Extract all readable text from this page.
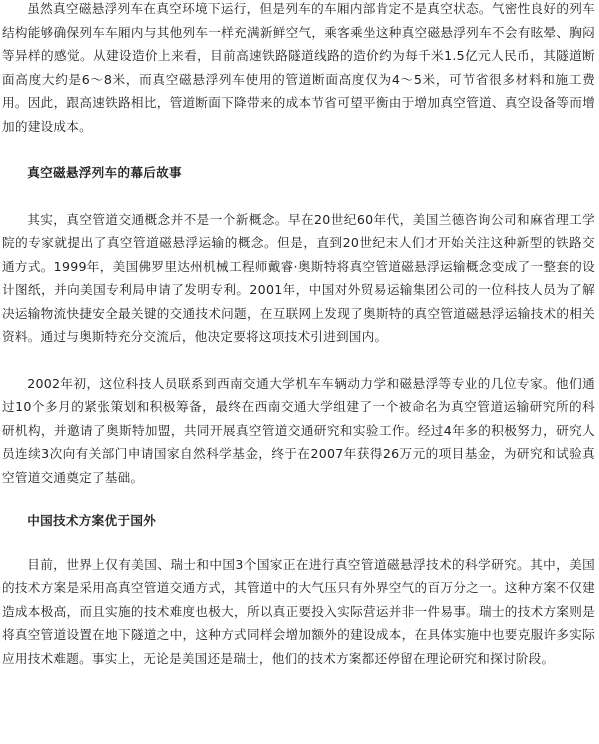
虽然真空磁悬浮列车在真空环境下运行，但是列车的车厢内部肯定不是真空状态。气密性良好的列车结构能够确保列车车厢内与其他列车一样充满新鲜空气，乘客乘坐这种真空磁悬浮列车不会有眩晕、胸闷等异样的感觉。从建设造价上来看，目前高速铁路隧道线路的造价约为每千米1.5亿元人民币，其隧道断面高度大约是6～8米，而真空磁悬浮列车使用的管道断面高度仅为4～5米，可节省很多材料和施工费用。因此，跟高速铁路相比，管道断面下降带来的成本节省可望平衡由于增加真空管道、真空设备等而增加的建设成本。

真空磁悬浮列车的幕后故事

其实，真空管道交通概念并不是一个新概念。早在20世纪60年代，美国兰德咨询公司和麻省理工学院的专家就提出了真空管道磁悬浮运输的概念。但是，直到20世纪末人们才开始关注这种新型的铁路交通方式。1999年，美国佛罗里达州机械工程师戴睿·奥斯特将真空管道磁悬浮运输概念变成了一整套的设计图纸，并向美国专利局申请了发明专利。2001年，中国对外贸易运输集团公司的一位科技人员为了解决运输物流快捷安全最关键的交通技术问题，在互联网上发现了奥斯特的真空管道磁悬浮运输技术的相关资料。通过与奥斯特充分交流后，他决定要将这项技术引进到国内。

2002年初，这位科技人员联系到西南交通大学机车车辆动力学和磁悬浮等专业的几位专家。他们通过10个多月的紧张策划和积极筹备，最终在西南交通大学组建了一个被命名为真空管道运输研究所的科研机构，并邀请了奥斯特加盟，共同开展真空管道交通研究和实验工作。经过4年多的积极努力，研究人员连续3次向有关部门申请国家自然科学基金，终于在2007年获得26万元的项目基金，为研究和试验真空管道交通奠定了基础。

中国技术方案优于国外

目前，世界上仅有美国、瑞士和中国3个国家正在进行真空管道磁悬浮技术的科学研究。其中，美国的技术方案是采用高真空管道交通方式，其管道中的大气压只有外界空气的百万分之一。这种方案不仅建造成本极高，而且实施的技术难度也极大，所以真正要投入实际营运并非一件易事。瑞士的技术方案则是将真空管道设置在地下隧道之中，这种方式同样会增加额外的建设成本，在具体实施中也要克服许多实际应用技术难题。事实上，无论是美国还是瑞士，他们的技术方案都还停留在理论研究和探讨阶段。
